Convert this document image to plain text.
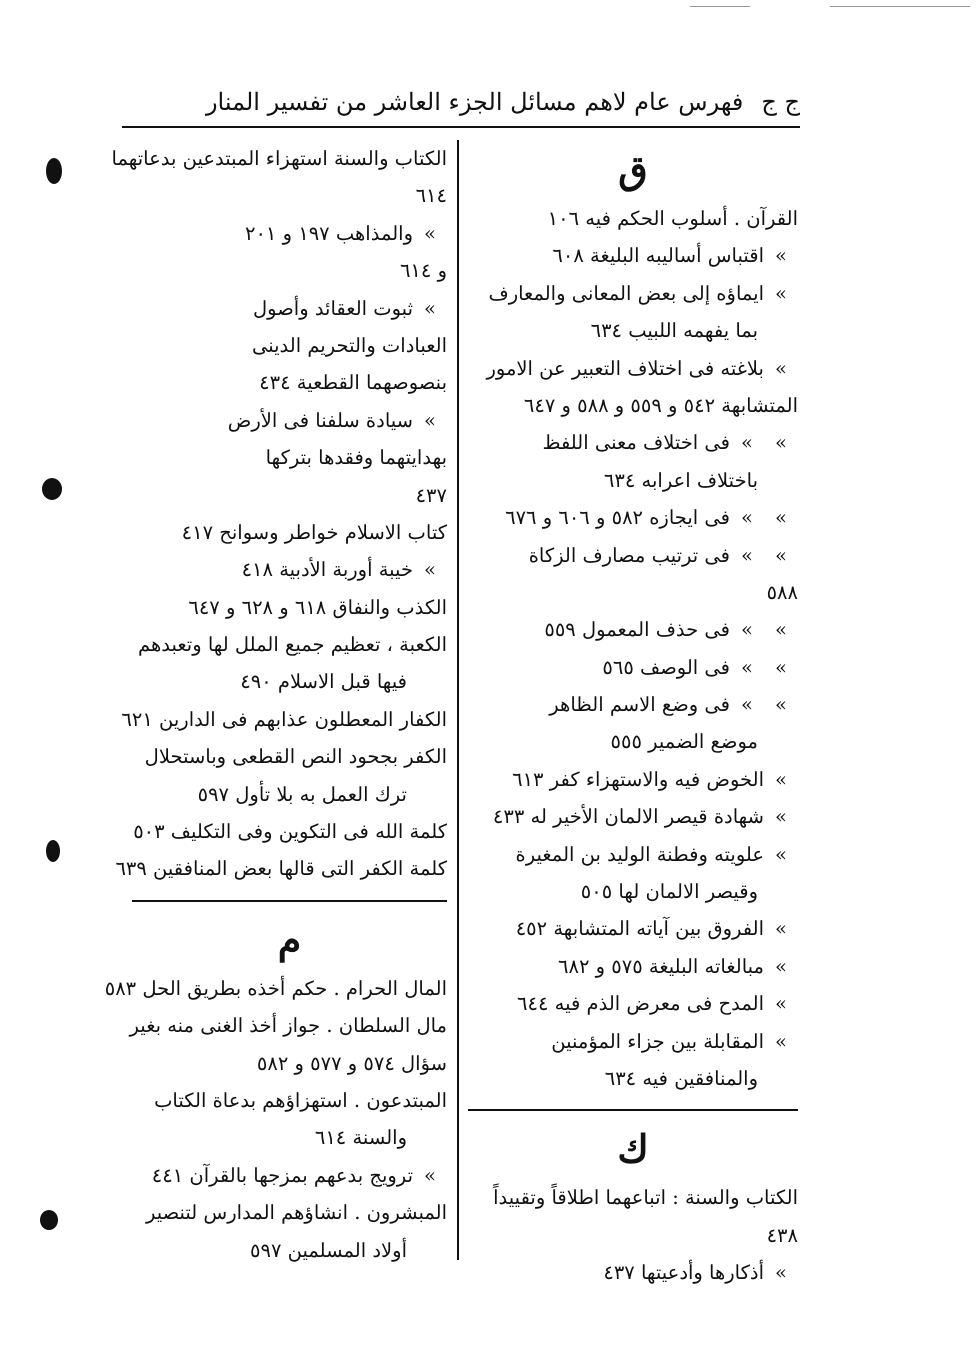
ج ج
فهرس عام لاهم مسائل الجزء العاشر من تفسير المنار
ق
القرآن . أسلوب الحكم فيه ١٠٦
»اقتباس أساليبه البليغة ٦٠٨
»ايماؤه إلى بعض المعانى والمعارف
بما يفهمه اللبيب ٦٣٤
»بلاغته فى اختلاف التعبير عن الامور
المتشابهة ٥٤٢ و ٥٥٩ و ٥٨٨ و ٦٤٧
»»فى اختلاف معنى اللفظ
باختلاف اعرابه ٦٣٤
»»فى ايجازه ٥٨٢ و ٦٠٦ و ٦٧٦
»»فى ترتيب مصارف الزكاة
٥٨٨
»»فى حذف المعمول ٥٥٩
»»فى الوصف ٥٦٥
»»فى وضع الاسم الظاهر
موضع الضمير ٥٥٥
»الخوض فيه والاستهزاء كفر ٦١٣
»شهادة قيصر الالمان الأخير له ٤٣٣
»علويته وفطنة الوليد بن المغيرة
وقيصر الالمان لها ٥٠٥
»الفروق بين آياته المتشابهة ٤٥٢
»مبالغاته البليغة ٥٧٥ و ٦٨٢
»المدح فى معرض الذم فيه ٦٤٤
»المقابلة بين جزاء المؤمنين
والمنافقين فيه ٦٣٤
ك
الكتاب والسنة : اتباعهما اطلاقاً وتقييداً
٤٣٨
»أذكارها وأدعيتها ٤٣٧
الكتاب والسنة استهزاء المبتدعين بدعاتهما
٦١٤
»والمذاهب ١٩٧ و ٢٠١
و ٦١٤
»ثبوت العقائد وأصول
العبادات والتحريم الدينى
بنصوصهما القطعية ٤٣٤
»سيادة سلفنا فى الأرض
بهدايتهما وفقدها بتركها
٤٣٧
كتاب الاسلام خواطر وسوانح ٤١٧
»خيبة أوربة الأدبية ٤١٨
الكذب والنفاق ٦١٨ و ٦٢٨ و ٦٤٧
الكعبة ، تعظيم جميع الملل لها وتعبدهم
فيها قبل الاسلام ٤٩٠
الكفار المعطلون عذابهم فى الدارين ٦٢١
الكفر بجحود النص القطعى وباستحلال
ترك العمل به بلا تأول ٥٩٧
كلمة الله فى التكوين وفى التكليف ٥٠٣
كلمة الكفر التى قالها بعض المنافقين ٦٣٩
م
المال الحرام . حكم أخذه بطريق الحل ٥٨٣
مال السلطان . جواز أخذ الغنى منه بغير
سؤال ٥٧٤ و ٥٧٧ و ٥٨٢
المبتدعون . استهزاؤهم بدعاة الكتاب
والسنة ٦١٤
»ترويج بدعهم بمزجها بالقرآن ٤٤١
المبشرون . انشاؤهم المدارس لتنصير
أولاد المسلمين ٥٩٧
